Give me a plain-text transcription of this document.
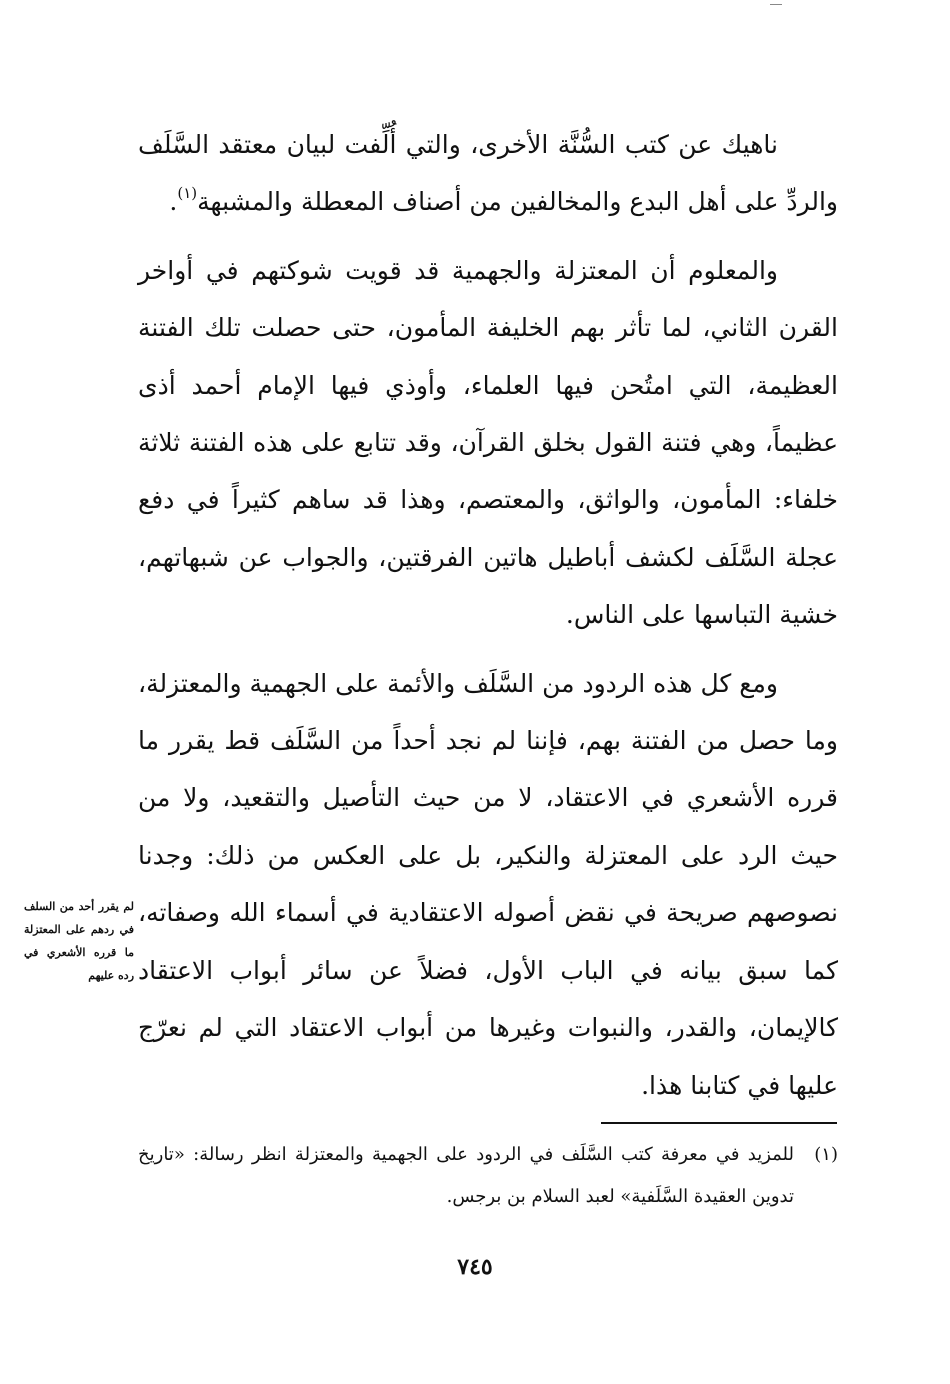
ناهيك عن كتب السُّنَّة الأخرى، والتي أُلِّفت لبيان معتقد السَّلَف والردِّ على أهل البدع والمخالفين من أصناف المعطلة والمشبهة$^{(١)}$.

والمعلوم أن المعتزلة والجهمية قد قويت شوكتهم في أواخر القرن الثاني، لما تأثر بهم الخليفة المأمون، حتى حصلت تلك الفتنة العظيمة، التي امتُحن فيها العلماء، وأوذي فيها الإمام أحمد أذى عظيماً، وهي فتنة القول بخلق القرآن، وقد تتابع على هذه الفتنة ثلاثة خلفاء: المأمون، والواثق، والمعتصم، وهذا قد ساهم كثيراً في دفع عجلة السَّلَف لكشف أباطيل هاتين الفرقتين، والجواب عن شبهاتهم، خشية التباسها على الناس.

ومع كل هذه الردود من السَّلَف والأئمة على الجهمية والمعتزلة، وما حصل من الفتنة بهم، فإننا لم نجد أحداً من السَّلَف قط يقرر ما قرره الأشعري في الاعتقاد، لا من حيث التأصيل والتقعيد، ولا من حيث الرد على المعتزلة والنكير، بل على العكس من ذلك: وجدنا نصوصهم صريحة في نقض أصوله الاعتقادية في أسماء الله وصفاته، كما سبق بيانه في الباب الأول، فضلاً عن سائر أبواب الاعتقاد كالإيمان، والقدر، والنبوات وغيرها من أبواب الاعتقاد التي لم نعرّج عليها في كتابنا هذا.

لم يقرر أحد من السلف في ردهم على المعتزلة ما قرره الأشعري في رده عليهم

(١)
للمزيد في معرفة كتب السَّلَف في الردود على الجهمية والمعتزلة انظر رسالة: «تاريخ تدوين العقيدة السَّلَفية» لعبد السلام بن برجس.

٧٤٥
